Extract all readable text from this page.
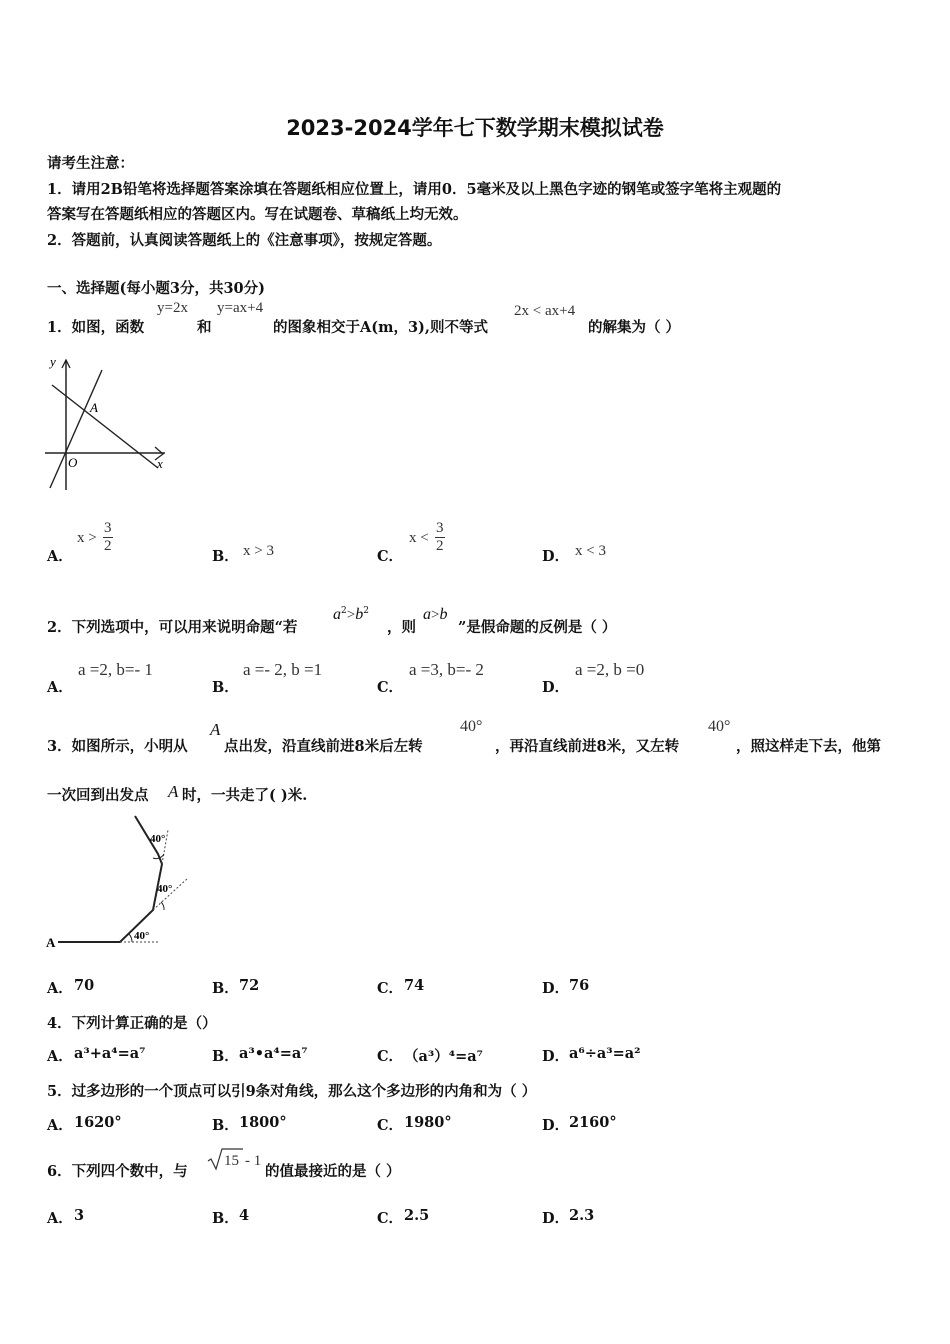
2023-2024学年七下数学期末模拟试卷
请考生注意：
1．请用2B铅笔将选择题答案涂填在答题纸相应位置上，请用0．5毫米及以上黑色字迹的钢笔或签字笔将主观题的
答案写在答题纸相应的答题区内。写在试题卷、草稿纸上均无效。
2．答题前，认真阅读答题纸上的《注意事项》，按规定答题。
一、选择题(每小题3分，共30分)
1．如图，函数
y=2x
和
y=ax+4
的图象相交于A(m，3),则不等式
2x < ax+4
的解集为（ ）
y
x
O
A
A．
$x > \frac{3}{2}$
B． x > 3	C．
$x < \frac{3}{2}$
D． x < 3
2．下列选项中，可以用来说明命题“若
$a^2>b^2$
，则
a>b
”是假命题的反例是（ ）
A．
a =2, b=- 1
B．
a =- 2, b =1
C．
a =3, b=- 2
D．
a =2, b =0
3．如图所示，小明从
A
点出发，沿直线前进8米后左转
40°
，再沿直线前进8米，又左转
40°
，照这样走下去，他第
一次回到出发点 A 时，一共走了( )米.
A	40°
40°
40°
A． 70	B． 72	C． 74	D． 76
4．下列计算正确的是（）
A． a³+a⁴=a⁷	B． a³•a⁴=a⁷	C． （a³）⁴=a⁷	D． a⁶÷a³=a²
5．过多边形的一个顶点可以引9条对角线，那么这个多边形的内角和为（ ）
A． 1620°	B． 1800°	C． 1980°	D． 2160°
6．下列四个数中，与
15 - 1
的值最接近的是（ ）
A． 3	B． 4	C． 2.5	D． 2.3
